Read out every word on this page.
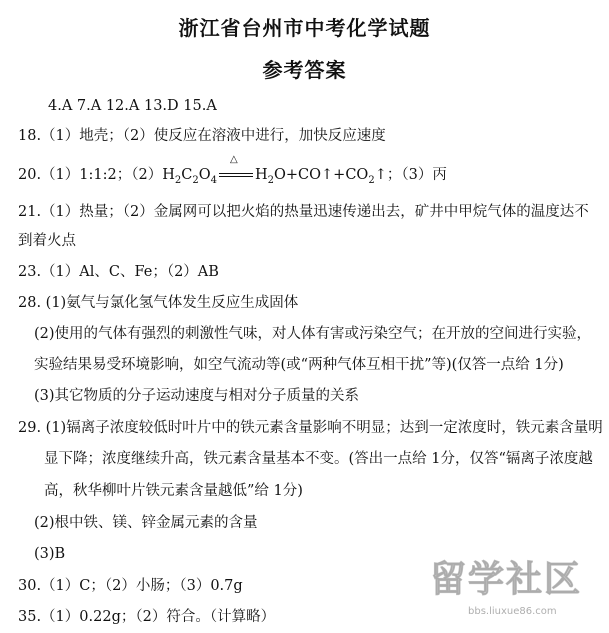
浙江省台州市中考化学试题
参考答案
4.A 7.A 12.A 13.D 15.A
18.（1）地壳；（2）使反应在溶液中进行，加快反应速度
20.（1）1:1:2；$(2)H_2C_2O_4$
△
$H_2O+CO↑+CO_2↑$；（3）丙
21.（1）热量；（2）金属网可以把火焰的热量迅速传递出去，矿井中甲烷气体的温度达不
到着火点
23.（1）Al、C、Fe；（2）AB
28. (1)氨气与氯化氢气体发生反应生成固体
(2)使用的气体有强烈的刺激性气味，对人体有害或污染空气；在开放的空间进行实验，
实验结果易受环境影响，如空气流动等(或“两种气体互相干扰”等)(仅答一点给 1分)
(3)其它物质的分子运动速度与相对分子质量的关系
29. (1)镉离子浓度较低时叶片中的铁元素含量影响不明显；达到一定浓度时，铁元素含量明
显下降；浓度继续升高，铁元素含量基本不变。(答出一点给 1分，仅答“镉离子浓度越
高，秋华柳叶片铁元素含量越低”给 1分)
(2)根中铁、镁、锌金属元素的含量
(3)B
30.（1）C；（2）小肠；（3）0.7g
35.（1）0.22g；（2）符合。（计算略）
留学社区
bbs.liuxue86.com
